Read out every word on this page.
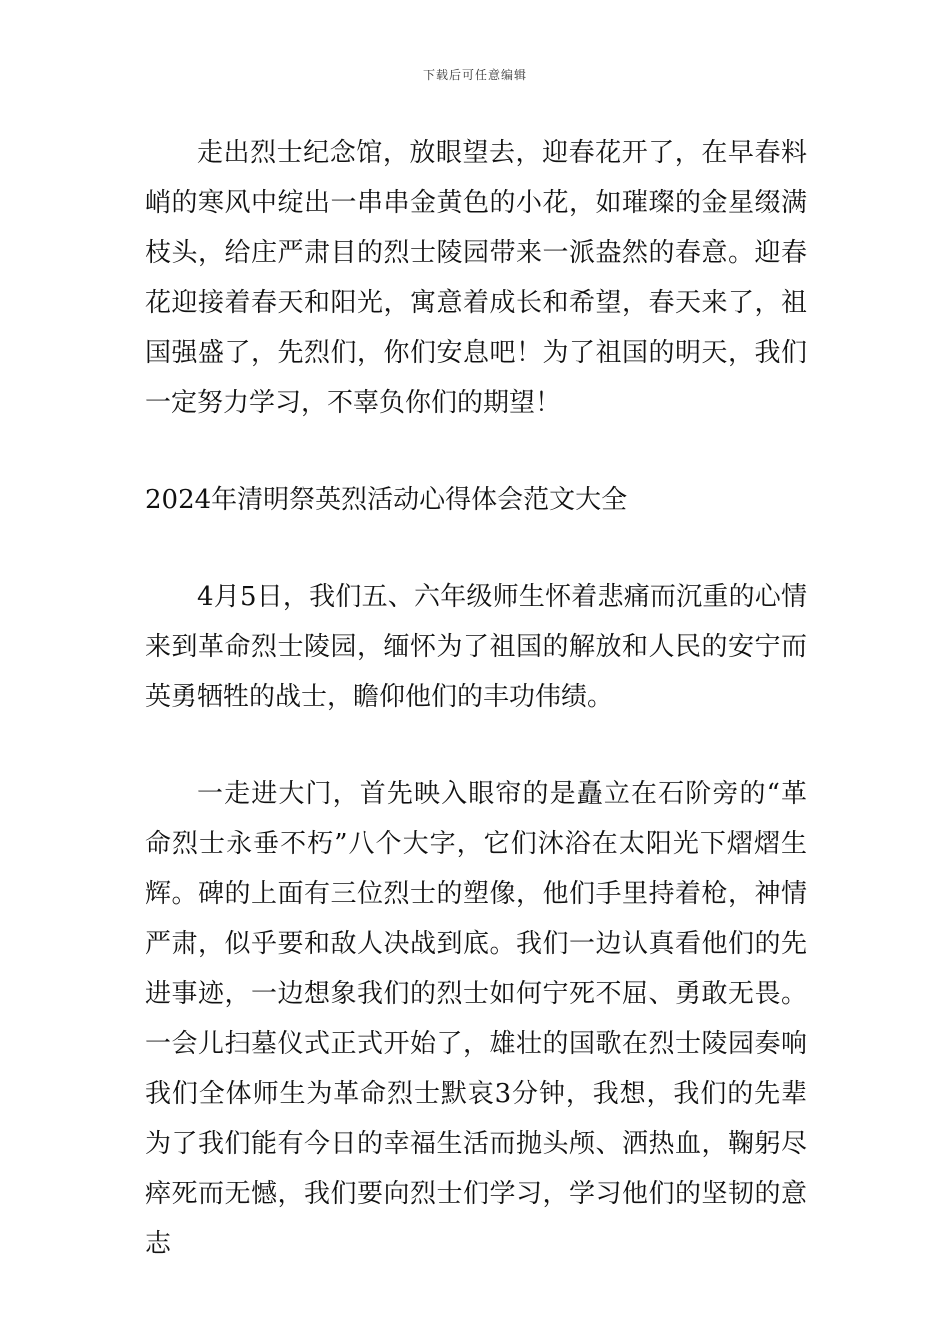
下载后可任意编辑

走出烈士纪念馆，放眼望去，迎春花开了，在早春料峭的寒风中绽出一串串金黄色的小花，如璀璨的金星缀满枝头，给庄严肃目的烈士陵园带来一派盎然的春意。迎春花迎接着春天和阳光，寓意着成长和希望，春天来了，祖国强盛了，先烈们，你们安息吧！为了祖国的明天，我们一定努力学习，不辜负你们的期望！

2024年清明祭英烈活动心得体会范文大全

4月5日，我们五、六年级师生怀着悲痛而沉重的心情来到革命烈士陵园，缅怀为了祖国的解放和人民的安宁而英勇牺牲的战士，瞻仰他们的丰功伟绩。

一走进大门，首先映入眼帘的是矗立在石阶旁的“革命烈士永垂不朽”八个大字，它们沐浴在太阳光下熠熠生辉。碑的上面有三位烈士的塑像，他们手里持着枪，神情严肃，似乎要和敌人决战到底。我们一边认真看他们的先进事迹，一边想象我们的烈士如何宁死不屈、勇敢无畏。一会儿扫墓仪式正式开始了，雄壮的国歌在烈士陵园奏响我们全体师生为革命烈士默哀3分钟，我想，我们的先辈为了我们能有今日的幸福生活而抛头颅、洒热血，鞠躬尽瘁死而无憾，我们要向烈士们学习，学习他们的坚韧的意志
